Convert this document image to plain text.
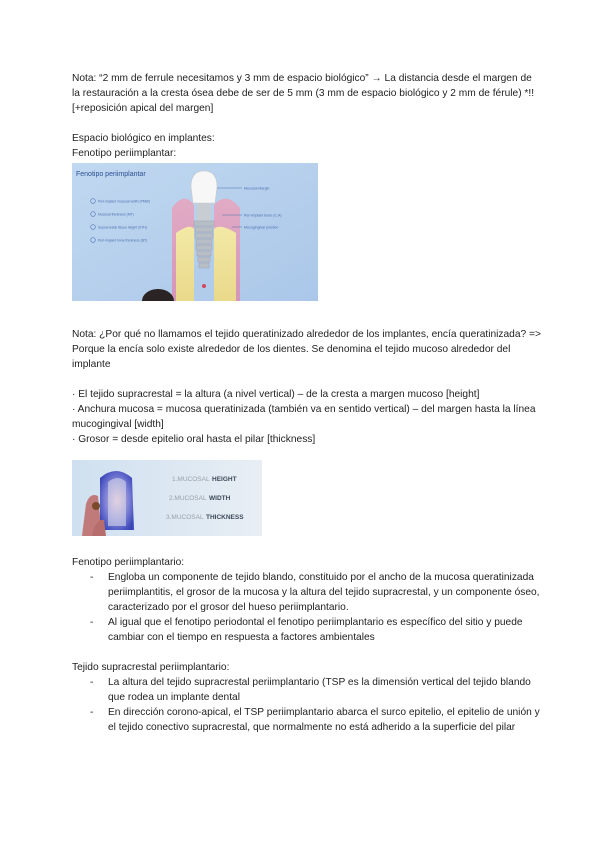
Nota: “2 mm de ferrule necesitamos y 3 mm de espacio biológico” → La distancia desde el margen de la restauración a la cresta ósea debe de ser de 5 mm (3 mm de espacio biológico y 2 mm de férule) *!! [+reposición apical del margen]

Espacio biológico en implantes:

Fenotipo periimplantar:

Fenotipo periimplantar
Peri-implant mucosal width (PMW)
Mucosal thickness (MT)
Supracrestal tissue height (STH)
Peri-implant bone thickness (BT)
Mucosal Margin
Peri-implant bone (C.A)
Mucogingival junction

Nota: ¿Por qué no llamamos el tejido queratinizado alrededor de los implantes, encía queratinizada? => Porque la encía solo existe alrededor de los dientes. Se denomina el tejido mucoso alrededor del implante

· El tejido supracrestal = la altura (a nivel vertical) – de la cresta a margen mucoso [height]

· Anchura mucosa = mucosa queratinizada (también va en sentido vertical) – del margen hasta la línea mucogingival [width]

· Grosor = desde epitelio oral hasta el pilar [thickness]

1.MUCOSAL HEIGHT
2.MUCOSAL WIDTH
3.MUCOSAL THICKNESS

Fenotipo periimplantario:

- Engloba un componente de tejido blando, constituido por el ancho de la mucosa queratinizada periimplantitis, el grosor de la mucosa y la altura del tejido supracrestal, y un componente óseo, caracterizado por el grosor del hueso periimplantario.
- Al igual que el fenotipo periodontal el fenotipo periimplantario es específico del sitio y puede cambiar con el tiempo en respuesta a factores ambientales

Tejido supracrestal periimplantario:

- La altura del tejido supracrestal periimplantario (TSP es la dimensión vertical del tejido blando que rodea un implante dental
- En dirección corono-apical, el TSP periimplantario abarca el surco epitelio, el epitelio de unión y el tejido conectivo supracrestal, que normalmente no está adherido a la superficie del pilar
